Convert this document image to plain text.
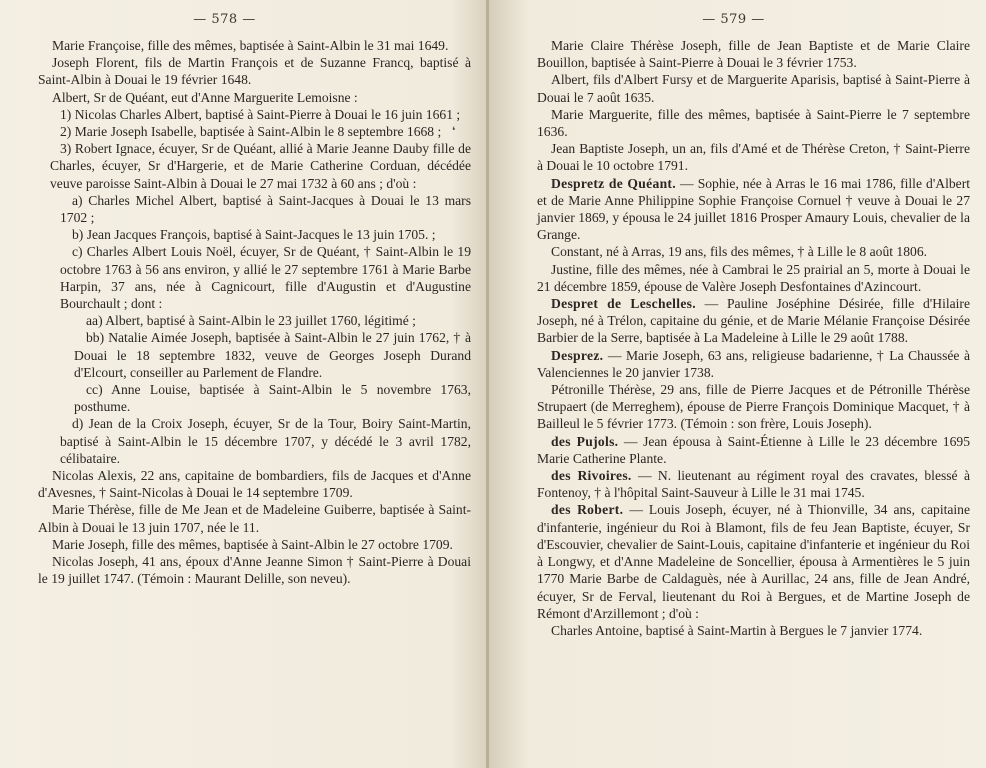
— 578 —

Marie Françoise, fille des mêmes, baptisée à Saint-Albin le 31 mai 1649.

Joseph Florent, fils de Martin François et de Suzanne Francq, baptisé à Saint-Albin à Douai le 19 février 1648.

Albert, Sr de Quéant, eut d'Anne Marguerite Lemoisne :

1) Nicolas Charles Albert, baptisé à Saint-Pierre à Douai le 16 juin 1661 ;

2) Marie Joseph Isabelle, baptisée à Saint-Albin le 8 septembre 1668 ;

3) Robert Ignace, écuyer, Sr de Quéant, allié à Marie Jeanne Dauby fille de Charles, écuyer, Sr d'Hargerie, et de Marie Catherine Corduan, décédée veuve paroisse Saint-Albin à Douai le 27 mai 1732 à 60 ans ; d'où :

a) Charles Michel Albert, baptisé à Saint-Jacques à Douai le 13 mars 1702 ;

b) Jean Jacques François, baptisé à Saint-Jacques le 13 juin 1705. ;

c) Charles Albert Louis Noël, écuyer, Sr de Quéant, † Saint-Albin le 19 octobre 1763 à 56 ans environ, y allié le 27 septembre 1761 à Marie Barbe Harpin, 37 ans, née à Cagnicourt, fille d'Augustin et d'Augustine Bourchault ; dont :

aa) Albert, baptisé à Saint-Albin le 23 juillet 1760, légitimé ;

bb) Natalie Aimée Joseph, baptisée à Saint-Albin le 27 juin 1762, † à Douai le 18 septembre 1832, veuve de Georges Joseph Durand d'Elcourt, conseiller au Parlement de Flandre.

cc) Anne Louise, baptisée à Saint-Albin le 5 novembre 1763, posthume.

d) Jean de la Croix Joseph, écuyer, Sr de la Tour, Boiry Saint-Martin, baptisé à Saint-Albin le 15 décembre 1707, y décédé le 3 avril 1782, célibataire.

Nicolas Alexis, 22 ans, capitaine de bombardiers, fils de Jacques et d'Anne d'Avesnes, † Saint-Nicolas à Douai le 14 septembre 1709.

Marie Thérèse, fille de Me Jean et de Madeleine Guiberre, baptisée à Saint-Albin à Douai le 13 juin 1707, née le 11.

Marie Joseph, fille des mêmes, baptisée à Saint-Albin le 27 octobre 1709.

Nicolas Joseph, 41 ans, époux d'Anne Jeanne Simon † Saint-Pierre à Douai le 19 juillet 1747. (Témoin : Maurant Delille, son neveu).

❛
— 579 —

Marie Claire Thérèse Joseph, fille de Jean Baptiste et de Marie Claire Bouillon, baptisée à Saint-Pierre à Douai le 3 février 1753.

Albert, fils d'Albert Fursy et de Marguerite Aparisis, baptisé à Saint-Pierre à Douai le 7 août 1635.

Marie Marguerite, fille des mêmes, baptisée à Saint-Pierre le 7 septembre 1636.

Jean Baptiste Joseph, un an, fils d'Amé et de Thérèse Creton, † Saint-Pierre à Douai le 10 octobre 1791.

Despretz de Quéant. — Sophie, née à Arras le 16 mai 1786, fille d'Albert et de Marie Anne Philippine Sophie Françoise Cornuel † veuve à Douai le 27 janvier 1869, y épousa le 24 juillet 1816 Prosper Amaury Louis, chevalier de la Grange.

Constant, né à Arras, 19 ans, fils des mêmes, † à Lille le 8 août 1806.

Justine, fille des mêmes, née à Cambrai le 25 prairial an 5, morte à Douai le 21 décembre 1859, épouse de Valère Joseph Desfontaines d'Azincourt.

Despret de Leschelles. — Pauline Joséphine Désirée, fille d'Hilaire Joseph, né à Trélon, capitaine du génie, et de Marie Mélanie Françoise Désirée Barbier de la Serre, baptisée à La Madeleine à Lille le 29 août 1788.

Desprez. — Marie Joseph, 63 ans, religieuse badarienne, † La Chaussée à Valenciennes le 20 janvier 1738.

Pétronille Thérèse, 29 ans, fille de Pierre Jacques et de Pétronille Thérèse Strupaert (de Merreghem), épouse de Pierre François Dominique Macquet, † à Bailleul le 5 février 1773. (Témoin : son frère, Louis Joseph).

des Pujols. — Jean épousa à Saint-Étienne à Lille le 23 décembre 1695 Marie Catherine Plante.

des Rivoires. — N. lieutenant au régiment royal des cravates, blessé à Fontenoy, † à l'hôpital Saint-Sauveur à Lille le 31 mai 1745.

des Robert. — Louis Joseph, écuyer, né à Thionville, 34 ans, capitaine d'infanterie, ingénieur du Roi à Blamont, fils de feu Jean Baptiste, écuyer, Sr d'Escouvier, chevalier de Saint-Louis, capitaine d'infanterie et ingénieur du Roi à Longwy, et d'Anne Madeleine de Soncellier, épousa à Armentières le 5 juin 1770 Marie Barbe de Caldaguès, née à Aurillac, 24 ans, fille de Jean André, écuyer, Sr de Ferval, lieutenant du Roi à Bergues, et de Martine Joseph de Rémont d'Arzillemont ; d'où :

Charles Antoine, baptisé à Saint-Martin à Bergues le 7 janvier 1774.
